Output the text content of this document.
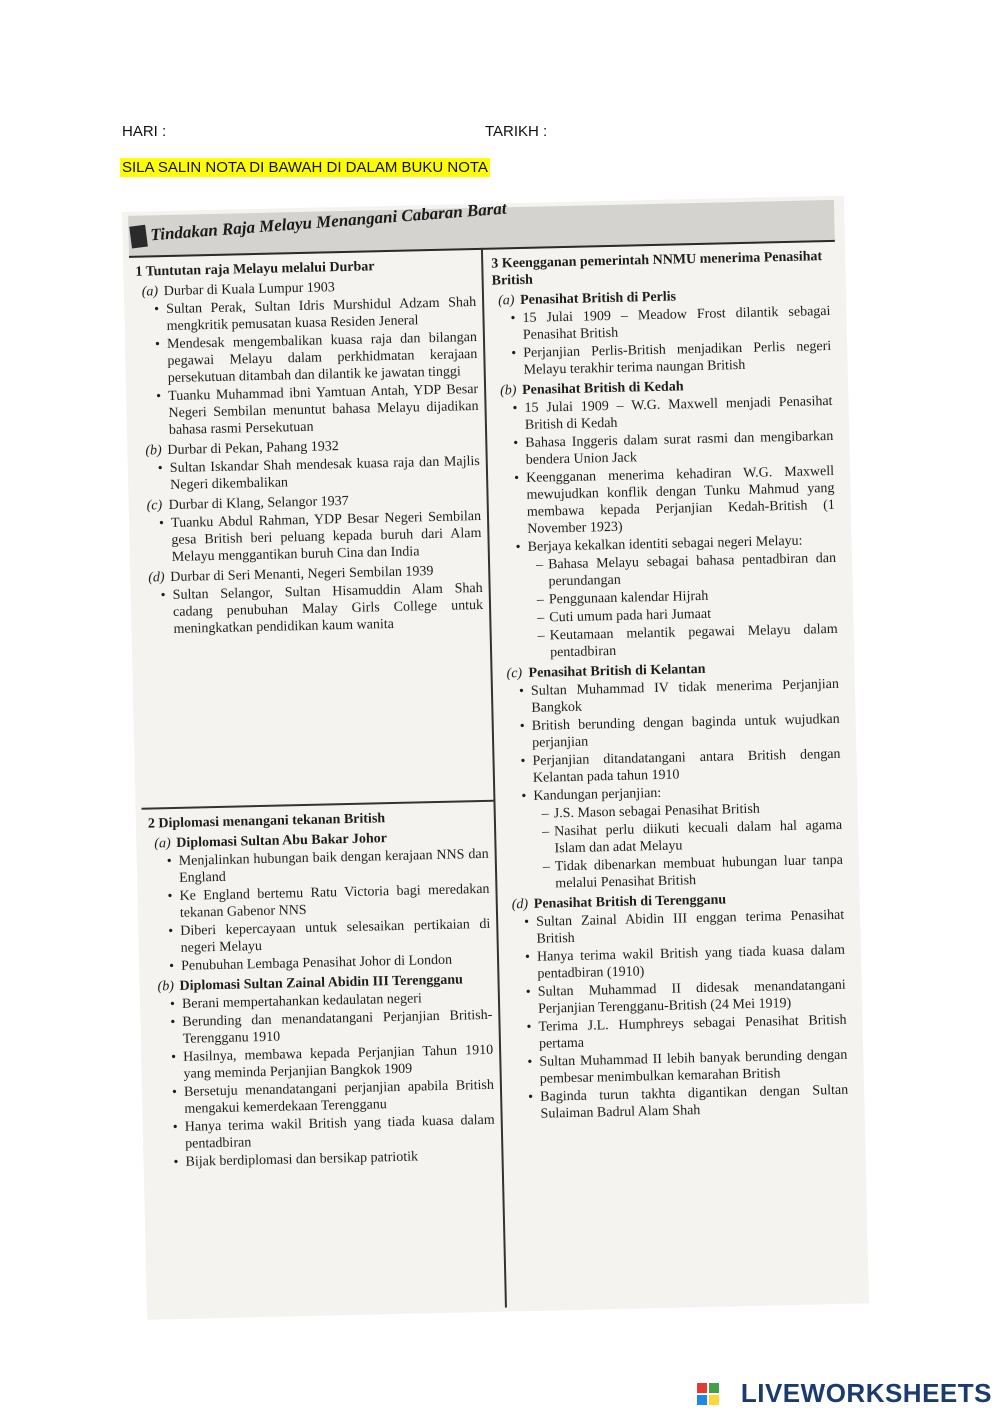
HARI :	TARIKH :
SILA SALIN NOTA DI BAWAH DI DALAM BUKU NOTA
Tindakan Raja Melayu Menangani Cabaran Barat
1 Tuntutan raja Melayu melalui Durbar
(a) Durbar di Kuala Lumpur 1903
• Sultan Perak, Sultan Idris Murshidul Adzam Shah mengkritik pemusatan kuasa Residen Jeneral
• Mendesak mengembalikan kuasa raja dan bilangan pegawai Melayu dalam perkhidmatan kerajaan persekutuan ditambah dan dilantik ke jawatan tinggi
• Tuanku Muhammad ibni Yamtuan Antah, YDP Besar Negeri Sembilan menuntut bahasa Melayu dijadikan bahasa rasmi Persekutuan
(b) Durbar di Pekan, Pahang 1932
• Sultan Iskandar Shah mendesak kuasa raja dan Majlis Negeri dikembalikan
(c) Durbar di Klang, Selangor 1937
• Tuanku Abdul Rahman, YDP Besar Negeri Sembilan gesa British beri peluang kepada buruh dari Alam Melayu menggantikan buruh Cina dan India
(d) Durbar di Seri Menanti, Negeri Sembilan 1939
• Sultan Selangor, Sultan Hisamuddin Alam Shah cadang penubuhan Malay Girls College untuk meningkatkan pendidikan kaum wanita
2 Diplomasi menangani tekanan British
(a) Diplomasi Sultan Abu Bakar Johor
• Menjalinkan hubungan baik dengan kerajaan NNS dan England
• Ke England bertemu Ratu Victoria bagi meredakan tekanan Gabenor NNS
• Diberi kepercayaan untuk selesaikan pertikaian di negeri Melayu
• Penubuhan Lembaga Penasihat Johor di London
(b) Diplomasi Sultan Zainal Abidin III Terengganu
• Berani mempertahankan kedaulatan negeri
• Berunding dan menandatangani Perjanjian British-Terengganu 1910
• Hasilnya, membawa kepada Perjanjian Tahun 1910 yang meminda Perjanjian Bangkok 1909
• Bersetuju menandatangani perjanjian apabila British mengakui kemerdekaan Terengganu
• Hanya terima wakil British yang tiada kuasa dalam pentadbiran
• Bijak berdiplomasi dan bersikap patriotik
3 Keengganan pemerintah NNMU menerima Penasihat British
(a) Penasihat British di Perlis
• 15 Julai 1909 – Meadow Frost dilantik sebagai Penasihat British
• Perjanjian Perlis-British menjadikan Perlis negeri Melayu terakhir terima naungan British
(b) Penasihat British di Kedah
• 15 Julai 1909 – W.G. Maxwell menjadi Penasihat British di Kedah
• Bahasa Inggeris dalam surat rasmi dan mengibarkan bendera Union Jack
• Keengganan menerima kehadiran W.G. Maxwell mewujudkan konflik dengan Tunku Mahmud yang membawa kepada Perjanjian Kedah-British (1 November 1923)
• Berjaya kekalkan identiti sebagai negeri Melayu:
– Bahasa Melayu sebagai bahasa pentadbiran dan perundangan
– Penggunaan kalendar Hijrah
– Cuti umum pada hari Jumaat
– Keutamaan melantik pegawai Melayu dalam pentadbiran
(c) Penasihat British di Kelantan
• Sultan Muhammad IV tidak menerima Perjanjian Bangkok
• British berunding dengan baginda untuk wujudkan perjanjian
• Perjanjian ditandatangani antara British dengan Kelantan pada tahun 1910
• Kandungan perjanjian:
– J.S. Mason sebagai Penasihat British
– Nasihat perlu diikuti kecuali dalam hal agama Islam dan adat Melayu
– Tidak dibenarkan membuat hubungan luar tanpa melalui Penasihat British
(d) Penasihat British di Terengganu
• Sultan Zainal Abidin III enggan terima Penasihat British
• Hanya terima wakil British yang tiada kuasa dalam pentadbiran (1910)
• Sultan Muhammad II didesak menandatangani Perjanjian Terengganu-British (24 Mei 1919)
• Terima J.L. Humphreys sebagai Penasihat British pertama
• Sultan Muhammad II lebih banyak berunding dengan pembesar menimbulkan kemarahan British
• Baginda turun takhta digantikan dengan Sultan Sulaiman Badrul Alam Shah
LIVEWORKSHEETS
